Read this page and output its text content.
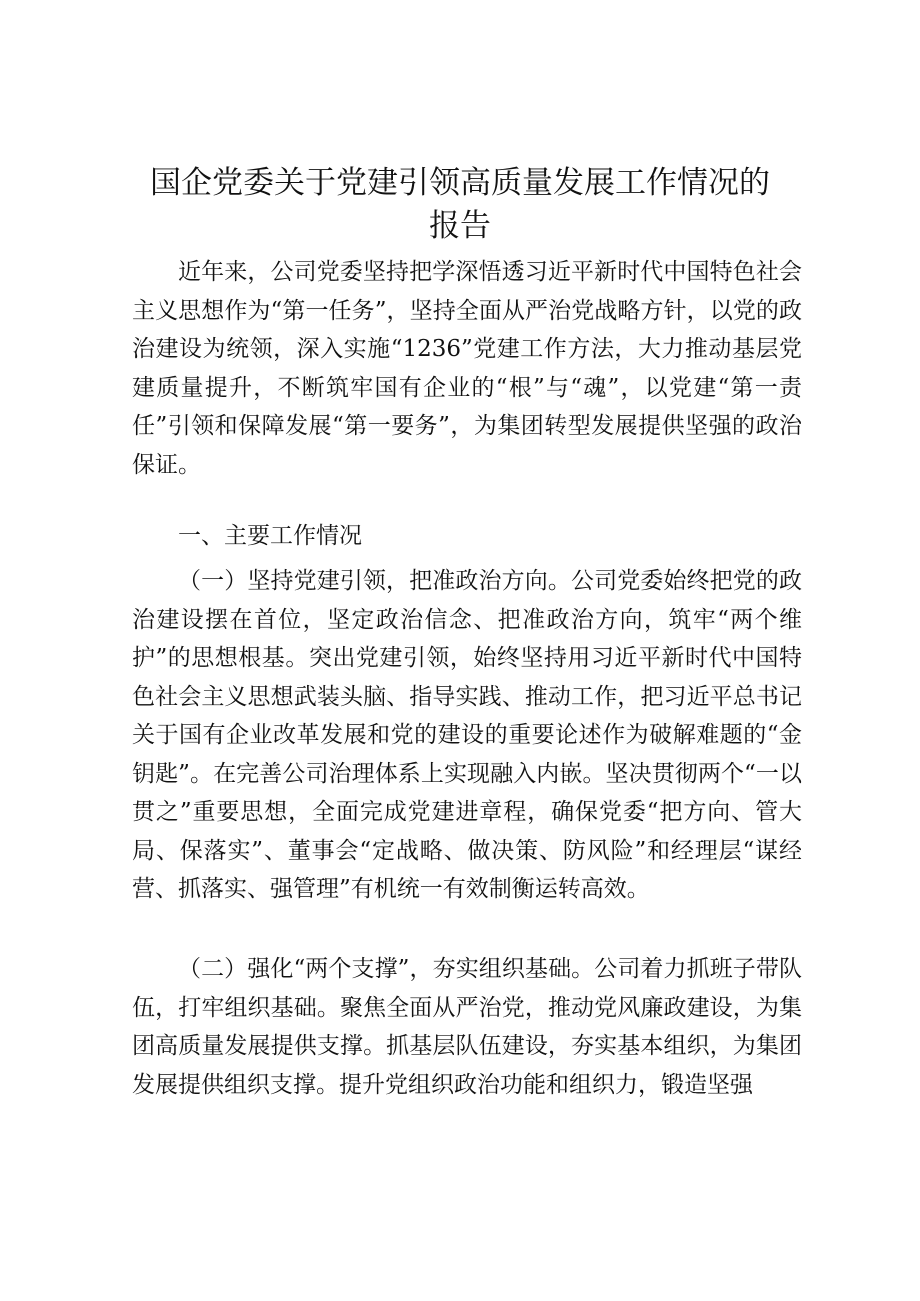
国企党委关于党建引领高质量发展工作情况的
报告

近年来，公司党委坚持把学深悟透习近平新时代中国特色社会主义思想作为“第一任务”，坚持全面从严治党战略方针，以党的政治建设为统领，深入实施“1236”党建工作方法，大力推动基层党建质量提升，不断筑牢国有企业的“根”与“魂”，以党建“第一责任”引领和保障发展“第一要务”，为集团转型发展提供坚强的政治保证。

一、主要工作情况

（一）坚持党建引领，把准政治方向。公司党委始终把党的政治建设摆在首位，坚定政治信念、把准政治方向，筑牢“两个维护”的思想根基。突出党建引领，始终坚持用习近平新时代中国特色社会主义思想武装头脑、指导实践、推动工作，把习近平总书记关于国有企业改革发展和党的建设的重要论述作为破解难题的“金钥匙”。在完善公司治理体系上实现融入内嵌。坚决贯彻两个“一以贯之”重要思想，全面完成党建进章程，确保党委“把方向、管大局、保落实”、董事会“定战略、做决策、防风险”和经理层“谋经营、抓落实、强管理”有机统一有效制衡运转高效。

（二）强化“两个支撑”，夯实组织基础。公司着力抓班子带队伍，打牢组织基础。聚焦全面从严治党，推动党风廉政建设，为集团高质量发展提供支撑。抓基层队伍建设，夯实基本组织，为集团发展提供组织支撑。提升党组织政治功能和组织力，锻造坚强
